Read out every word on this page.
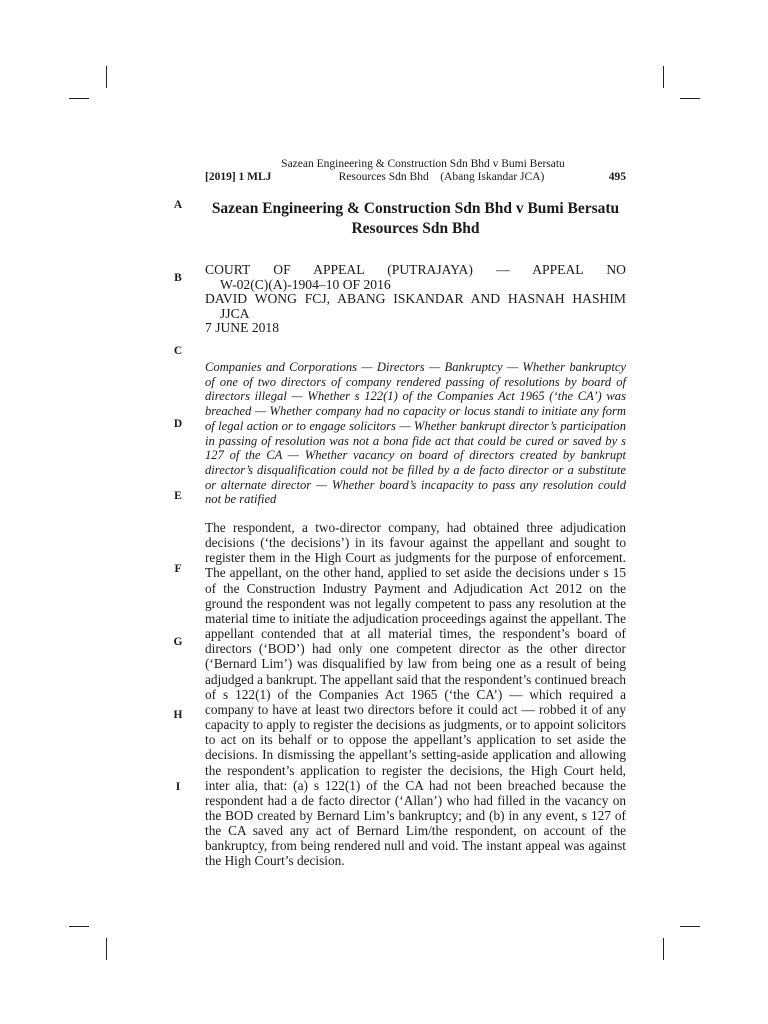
Sazean Engineering & Construction Sdn Bhd v Bumi Bersatu
[2019] 1 MLJ	Resources Sdn Bhd (Abang Iskandar JCA)	495
A
B
C
D
E
F
G
H
I
Sazean Engineering & Construction Sdn Bhd v Bumi Bersatu
Resources Sdn Bhd
COURT OF APPEAL (PUTRAJAYA) — APPEAL NO
W-02(C)(A)-1904–10 OF 2016
DAVID WONG FCJ, ABANG ISKANDAR AND HASNAH HASHIM
JJCA
7 JUNE 2018
Companies and Corporations — Directors — Bankruptcy — Whether bankruptcy of one of two directors of company rendered passing of resolutions by board of directors illegal — Whether s 122(1) of the Companies Act 1965 (‘the CA’) was breached — Whether company had no capacity or locus standi to initiate any form of legal action or to engage solicitors — Whether bankrupt director’s participation in passing of resolution was not a bona fide act that could be cured or saved by s 127 of the CA — Whether vacancy on board of directors created by bankrupt director’s disqualification could not be filled by a de facto director or a substitute or alternate director — Whether board’s incapacity to pass any resolution could not be ratified
The respondent, a two-director company, had obtained three adjudication decisions (‘the decisions’) in its favour against the appellant and sought to register them in the High Court as judgments for the purpose of enforcement. The appellant, on the other hand, applied to set aside the decisions under s 15 of the Construction Industry Payment and Adjudication Act 2012 on the ground the respondent was not legally competent to pass any resolution at the material time to initiate the adjudication proceedings against the appellant. The appellant contended that at all material times, the respondent’s board of directors (‘BOD’) had only one competent director as the other director (‘Bernard Lim’) was disqualified by law from being one as a result of being adjudged a bankrupt. The appellant said that the respondent’s continued breach of s 122(1) of the Companies Act 1965 (‘the CA’) — which required a company to have at least two directors before it could act — robbed it of any capacity to apply to register the decisions as judgments, or to appoint solicitors to act on its behalf or to oppose the appellant’s application to set aside the decisions. In dismissing the appellant’s setting-aside application and allowing the respondent’s application to register the decisions, the High Court held, inter alia, that: (a) s 122(1) of the CA had not been breached because the respondent had a de facto director (‘Allan’) who had filled in the vacancy on the BOD created by Bernard Lim’s bankruptcy; and (b) in any event, s 127 of the CA saved any act of Bernard Lim/the respondent, on account of the bankruptcy, from being rendered null and void. The instant appeal was against the High Court’s decision.
